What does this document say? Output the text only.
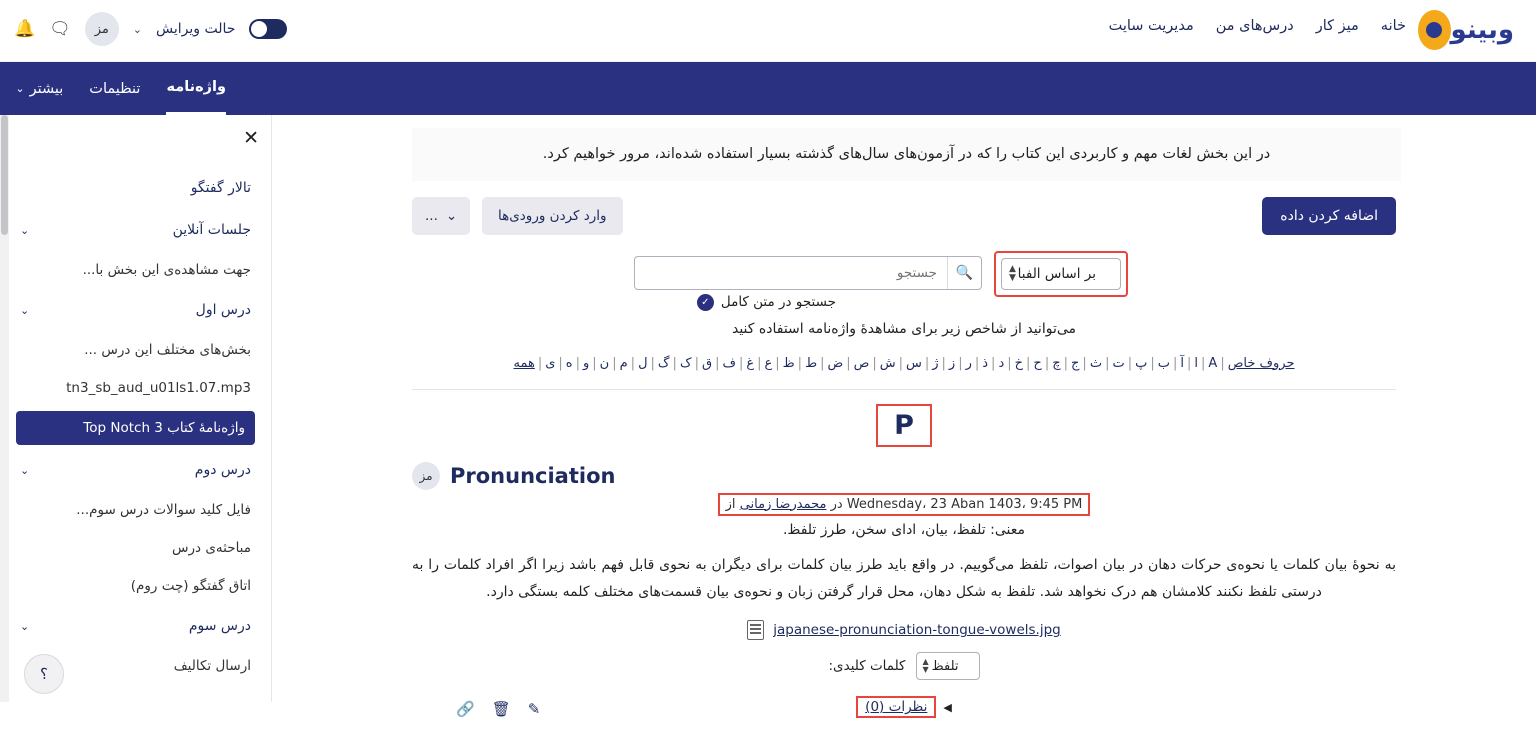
وبینو
خانه
میز کار
درس‌های من
مدیریت سایت
حالت ویرایش
⌄
مز
🗨
🔔
واژه‌نامه
تنظیمات
بیشتر
⌄
✕
تالار گفتگو
جلسات آنلاین
⌄
جهت مشاهده‌ی این بخش با...
درس اول
⌄
بخش‌های مختلف این درس ...
tn3_sb_aud_u01ls1.07.mp3
واژه‌نامهٔ کتاب Top Notch 3
درس دوم
⌄
فایل کلید سوالات درس سوم...
مباحثه‌ی درس
اتاق گفتگو (چت روم)
درس سوم
⌄
ارسال تکالیف
در این بخش لغات مهم و کاربردی این کتاب را که در آزمون‌های سال‌های گذشته بسیار استفاده شده‌اند، مرور خواهیم کرد.
اضافه کردن داده
وارد کردن ورودی‌ها
⌄
...
بر اساس الفبا
▲
▼
🔍
جستجو
جستجو در متن کامل
✓
می‌توانید از شاخص زیر برای مشاهدهٔ واژه‌نامه استفاده کنید
حروف خاص|A|ا|آ|ب|پ|ت|ث|ج|چ|ح|خ|د|ذ|ر|ز|ژ|س|ش|ص|ض|ط|ظ|ع|غ|ف|ق|ک|گ|ل|م|ن|و|ه|ی|همه
P
Pronunciation
مز
Wednesday، 23 Aban 1403، 9:45 PM در محمدرضا زمانی از
معنی: تلفظ، بیان، ادای سخن، طرز تلفظ.
به نحوهٔ بیان کلمات یا نحوه‌ی حرکات دهان در بیان اصوات، تلفظ می‌گوییم. در واقع باید طرز بیان کلمات برای دیگران به نحوی قابل فهم باشد زیرا اگر افراد کلمات را به درستی تلفظ نکنند کلامشان هم درک نخواهد شد. تلفظ به شکل دهان، محل قرار گرفتن زبان و نحوه‌ی بیان قسمت‌های مختلف کلمه بستگی دارد.
japanese-pronunciation-tongue-vowels.jpg
تلفظ
▲
▼
کلمات کلیدی:
◀
نظرات (0)
✎
🗑
🔗
؟
